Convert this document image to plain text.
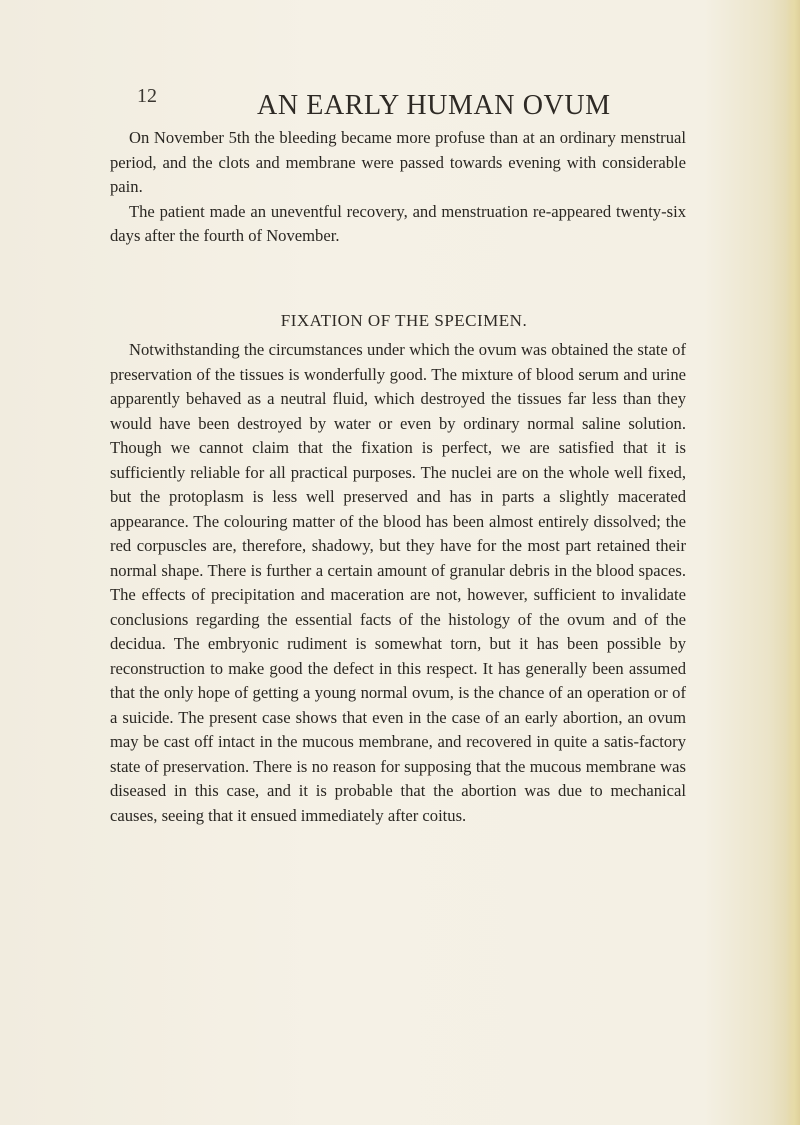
12	AN EARLY HUMAN OVUM

On November 5th the bleeding became more profuse than at an ordinary menstrual period, and the clots and membrane were passed towards evening with considerable pain.

The patient made an uneventful recovery, and menstruation re-appeared twenty-six days after the fourth of November.

FIXATION OF THE SPECIMEN.

Notwithstanding the circumstances under which the ovum was obtained the state of preservation of the tissues is wonderfully good. The mixture of blood serum and urine apparently behaved as a neutral fluid, which destroyed the tissues far less than they would have been destroyed by water or even by ordinary normal saline solution. Though we cannot claim that the fixation is perfect, we are satisfied that it is sufficiently reliable for all practical purposes. The nuclei are on the whole well fixed, but the protoplasm is less well preserved and has in parts a slightly macerated appearance. The colouring matter of the blood has been almost entirely dissolved; the red corpuscles are, therefore, shadowy, but they have for the most part retained their normal shape. There is further a certain amount of granular debris in the blood spaces. The effects of precipitation and maceration are not, however, sufficient to invalidate conclusions regarding the essential facts of the histology of the ovum and of the decidua. The embryonic rudiment is somewhat torn, but it has been possible by reconstruction to make good the defect in this respect. It has generally been assumed that the only hope of getting a young normal ovum, is the chance of an operation or of a suicide. The present case shows that even in the case of an early abortion, an ovum may be cast off intact in the mucous membrane, and recovered in quite a satis-factory state of preservation. There is no reason for supposing that the mucous membrane was diseased in this case, and it is probable that the abortion was due to mechanical causes, seeing that it ensued immediately after coitus.
